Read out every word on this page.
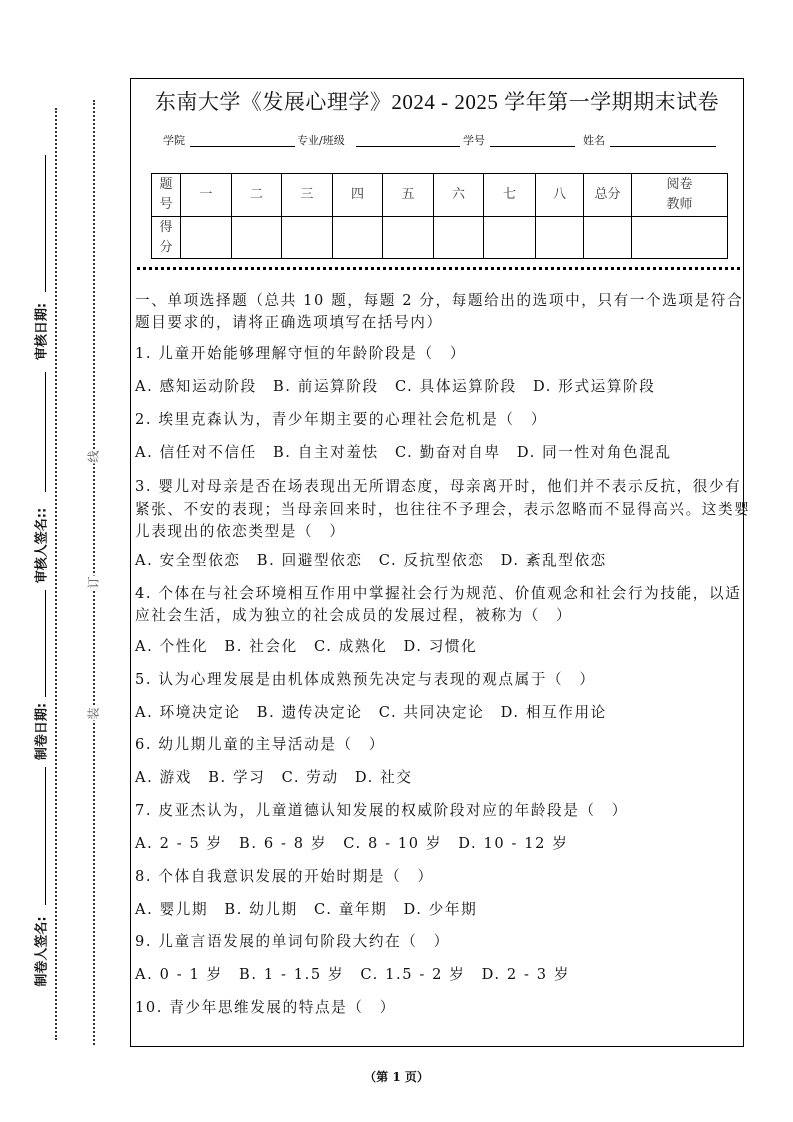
审核日期:
审核人签名::
制卷日期:
制卷人签名:
线
订
装
东南大学《发展心理学》2024 - 2025 学年第一学期期末试卷
学院	专业/班级	学号	姓名
题
号	一	二	三	四	五	六	七	八	总分	阅卷
教师
得
分										
一、单项选择题（总共 10 题，每题 2 分，每题给出的选项中，只有一个选项是符合
题目要求的，请将正确选项填写在括号内）
1. 儿童开始能够理解守恒的年龄阶段是（　）
A. 感知运动阶段　B. 前运算阶段　C. 具体运算阶段　D. 形式运算阶段
2. 埃里克森认为，青少年期主要的心理社会危机是（　）
A. 信任对不信任　B. 自主对羞怯　C. 勤奋对自卑　D. 同一性对角色混乱
3. 婴儿对母亲是否在场表现出无所谓态度，母亲离开时，他们并不表示反抗，很少有
紧张、不安的表现；当母亲回来时，也往往不予理会，表示忽略而不显得高兴。这类婴
儿表现出的依恋类型是（　）
A. 安全型依恋　B. 回避型依恋　C. 反抗型依恋　D. 紊乱型依恋
4. 个体在与社会环境相互作用中掌握社会行为规范、价值观念和社会行为技能，以适
应社会生活，成为独立的社会成员的发展过程，被称为（　）
A. 个性化　B. 社会化　C. 成熟化　D. 习惯化
5. 认为心理发展是由机体成熟预先决定与表现的观点属于（　）
A. 环境决定论　B. 遗传决定论　C. 共同决定论　D. 相互作用论
6. 幼儿期儿童的主导活动是（　）
A. 游戏　B. 学习　C. 劳动　D. 社交
7. 皮亚杰认为，儿童道德认知发展的权威阶段对应的年龄段是（　）
A. 2 - 5 岁　B. 6 - 8 岁　C. 8 - 10 岁　D. 10 - 12 岁
8. 个体自我意识发展的开始时期是（　）
A. 婴儿期　B. 幼儿期　C. 童年期　D. 少年期
9. 儿童言语发展的单词句阶段大约在（　）
A. 0 - 1 岁　B. 1 - 1.5 岁　C. 1.5 - 2 岁　D. 2 - 3 岁
10. 青少年思维发展的特点是（　）
（第 1 页）
